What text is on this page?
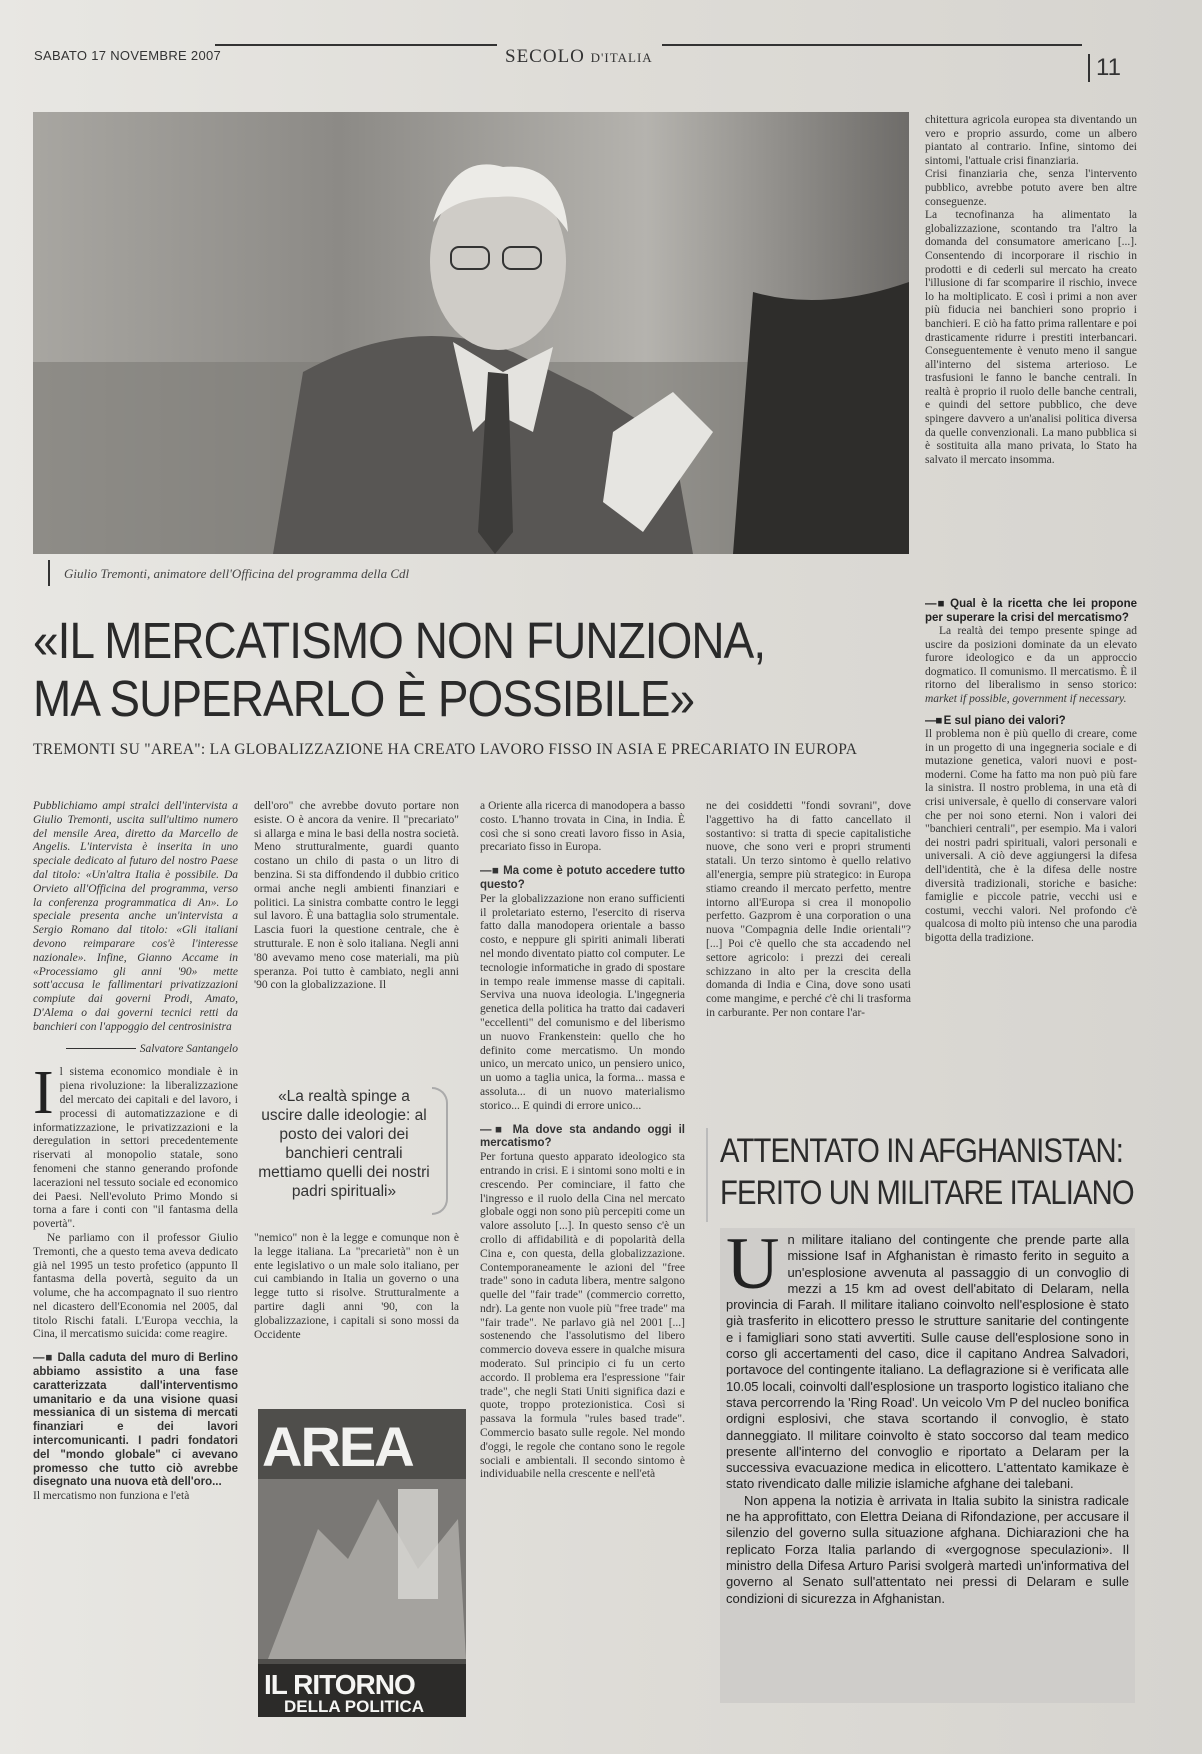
SABATO 17 NOVEMBRE 2007	SECOLO D'ITALIA	11
Giulio Tremonti, animatore dell'Officina del programma della Cdl

chitettura agricola europea sta diventando un vero e proprio assurdo, come un albero piantato al contrario. Infine, sintomo dei sintomi, l'attuale crisi finanziaria.

Crisi finanziaria che, senza l'intervento pubblico, avrebbe potuto avere ben altre conseguenze.

La tecnofinanza ha alimentato la globalizzazione, scontando tra l'altro la domanda del consumatore americano [...]. Consentendo di incorporare il rischio in prodotti e di cederli sul mercato ha creato l'illusione di far scomparire il rischio, invece lo ha moltiplicato. E così i primi a non aver più fiducia nei banchieri sono proprio i banchieri. E ciò ha fatto prima rallentare e poi drasticamente ridurre i prestiti interbancari. Conseguentemente è venuto meno il sangue all'interno del sistema arterioso. Le trasfusioni le fanno le banche centrali. In realtà è proprio il ruolo delle banche centrali, e quindi del settore pubblico, che deve spingere davvero a un'analisi politica diversa da quelle convenzionali. La mano pubblica si è sostituita alla mano privata, lo Stato ha salvato il mercato insomma.

—■ Qual è la ricetta che lei propone per superare la crisi del mercatismo?

La realtà dei tempo presente spinge ad uscire da posizioni dominate da un elevato furore ideologico e da un approccio dogmatico. Il comunismo. Il mercatismo. È il ritorno del liberalismo in senso storico: market if possible, government if necessary.

—■ E sul piano dei valori?

Il problema non è più quello di creare, come in un progetto di una ingegneria sociale e di mutazione genetica, valori nuovi e post-moderni. Come ha fatto ma non può più fare la sinistra. Il nostro problema, in una età di crisi universale, è quello di conservare valori che per noi sono eterni. Non i valori dei "banchieri centrali", per esempio. Ma i valori dei nostri padri spirituali, valori personali e universali. A ciò deve aggiungersi la difesa dell'identità, che è la difesa delle nostre diversità tradizionali, storiche e basiche: famiglie e piccole patrie, vecchi usi e costumi, vecchi valori. Nel profondo c'è qualcosa di molto più intenso che una parodia bigotta della tradizione.

«IL MERCATISMO NON FUNZIONA,
MA SUPERARLO È POSSIBILE»
TREMONTI SU "AREA": LA GLOBALIZZAZIONE HA CREATO LAVORO FISSO IN ASIA E PRECARIATO IN EUROPA

Pubblichiamo ampi stralci dell'intervista a Giulio Tremonti, uscita sull'ultimo numero del mensile Area, diretto da Marcello de Angelis. L'intervista è inserita in uno speciale dedicato al futuro del nostro Paese dal titolo: «Un'altra Italia è possibile. Da Orvieto all'Officina del programma, verso la conferenza programmatica di An». Lo speciale presenta anche un'intervista a Sergio Romano dal titolo: «Gli italiani devono reimparare cos'è l'interesse nazionale». Infine, Gianno Accame in «Processiamo gli anni '90» mette sott'accusa le fallimentari privatizzazioni compiute dai governi Prodi, Amato, D'Alema o dai governi tecnici retti da banchieri con l'appoggio del centrosinistra

Salvatore Santangelo

Il sistema economico mondiale è in piena rivoluzione: la liberalizzazione del mercato dei capitali e del lavoro, i processi di automatizzazione e di informatizzazione, le privatizzazioni e la deregulation in settori precedentemente riservati al monopolio statale, sono fenomeni che stanno generando profonde lacerazioni nel tessuto sociale ed economico dei Paesi. Nell'evoluto Primo Mondo si torna a fare i conti con "il fantasma della povertà".

Ne parliamo con il professor Giulio Tremonti, che a questo tema aveva dedicato già nel 1995 un testo profetico (appunto Il fantasma della povertà, seguito da un volume, che ha accompagnato il suo rientro nel dicastero dell'Economia nel 2005, dal titolo Rischi fatali. L'Europa vecchia, la Cina, il mercatismo suicida: come reagire.

—■ Dalla caduta del muro di Berlino abbiamo assistito a una fase caratterizzata dall'interventismo umanitario e da una visione quasi messianica di un sistema di mercati finanziari e dei lavori intercomunicanti. I padri fondatori del "mondo globale" ci avevano promesso che tutto ciò avrebbe disegnato una nuova età dell'oro...

Il mercatismo non funziona e l'età

dell'oro" che avrebbe dovuto portare non esiste. O è ancora da venire. Il "precariato" si allarga e mina le basi della nostra società. Meno strutturalmente, guardi quanto costano un chilo di pasta o un litro di benzina. Si sta diffondendo il dubbio critico ormai anche negli ambienti finanziari e politici. La sinistra combatte contro le leggi sul lavoro. È una battaglia solo strumentale. Lascia fuori la questione centrale, che è strutturale. E non è solo italiana. Negli anni '80 avevamo meno cose materiali, ma più speranza. Poi tutto è cambiato, negli anni '90 con la globalizzazione. Il

«La realtà spinge a uscire dalle ideologie: al posto dei valori dei banchieri centrali mettiamo quelli dei nostri padri spirituali»

"nemico" non è la legge e comunque non è la legge italiana. La "precarietà" non è un ente legislativo o un male solo italiano, per cui cambiando in Italia un governo o una legge tutto si risolve. Strutturalmente a partire dagli anni '90, con la globalizzazione, i capitali si sono mossi da Occidente

AREA
IL RITORNO
DELLA POLITICA

a Oriente alla ricerca di manodopera a basso costo. L'hanno trovata in Cina, in India. È così che si sono creati lavoro fisso in Asia, precariato fisso in Europa.

—■ Ma come è potuto accedere tutto questo?

Per la globalizzazione non erano sufficienti il proletariato esterno, l'esercito di riserva fatto dalla manodopera orientale a basso costo, e neppure gli spiriti animali liberati nel mondo diventato piatto col computer. Le tecnologie informatiche in grado di spostare in tempo reale immense masse di capitali. Serviva una nuova ideologia. L'ingegneria genetica della politica ha tratto dai cadaveri "eccellenti" del comunismo e del liberismo un nuovo Frankenstein: quello che ho definito come mercatismo. Un mondo unico, un mercato unico, un pensiero unico, un uomo a taglia unica, la forma... massa e assoluta... di un nuovo materialismo storico... E quindi di errore unico...

—■ Ma dove sta andando oggi il mercatismo?

Per fortuna questo apparato ideologico sta entrando in crisi. E i sintomi sono molti e in crescendo. Per cominciare, il fatto che l'ingresso e il ruolo della Cina nel mercato globale oggi non sono più percepiti come un valore assoluto [...]. In questo senso c'è un crollo di affidabilità e di popolarità della Cina e, con questa, della globalizzazione. Contemporaneamente le azioni del "free trade" sono in caduta libera, mentre salgono quelle del "fair trade" (commercio corretto, ndr). La gente non vuole più "free trade" ma "fair trade". Ne parlavo già nel 2001 [...] sostenendo che l'assolutismo del libero commercio doveva essere in qualche misura moderato. Sul principio ci fu un certo accordo. Il problema era l'espressione "fair trade", che negli Stati Uniti significa dazi e quote, troppo protezionistica. Così si passava la formula "rules based trade". Commercio basato sulle regole. Nel mondo d'oggi, le regole che contano sono le regole sociali e ambientali. Il secondo sintomo è individuabile nella crescente e nell'età

ne dei cosiddetti "fondi sovrani", dove l'aggettivo ha di fatto cancellato il sostantivo: si tratta di specie capitalistiche nuove, che sono veri e propri strumenti statali. Un terzo sintomo è quello relativo all'energia, sempre più strategico: in Europa stiamo creando il mercato perfetto, mentre intorno all'Europa si crea il monopolio perfetto. Gazprom è una corporation o una nuova "Compagnia delle Indie orientali"? [...] Poi c'è quello che sta accadendo nel settore agricolo: i prezzi dei cereali schizzano in alto per la crescita della domanda di India e Cina, dove sono usati come mangime, e perché c'è chi li trasforma in carburante. Per non contare l'ar-

ATTENTATO IN AFGHANISTAN:
FERITO UN MILITARE ITALIANO

Un militare italiano del contingente che prende parte alla missione Isaf in Afghanistan è rimasto ferito in seguito a un'esplosione avvenuta al passaggio di un convoglio di mezzi a 15 km ad ovest dell'abitato di Delaram, nella provincia di Farah. Il militare italiano coinvolto nell'esplosione è stato già trasferito in elicottero presso le strutture sanitarie del contingente e i famigliari sono stati avvertiti. Sulle cause dell'esplosione sono in corso gli accertamenti del caso, dice il capitano Andrea Salvadori, portavoce del contingente italiano. La deflagrazione si è verificata alle 10.05 locali, coinvolti dall'esplosione un trasporto logistico italiano che stava percorrendo la 'Ring Road'. Un veicolo Vm P del nucleo bonifica ordigni esplosivi, che stava scortando il convoglio, è stato danneggiato. Il militare coinvolto è stato soccorso dal team medico presente all'interno del convoglio e riportato a Delaram per la successiva evacuazione medica in elicottero. L'attentato kamikaze è stato rivendicato dalle milizie islamiche afghane dei talebani.

Non appena la notizia è arrivata in Italia subito la sinistra radicale ne ha approfittato, con Elettra Deiana di Rifondazione, per accusare il silenzio del governo sulla situazione afghana. Dichiarazioni che ha replicato Forza Italia parlando di «vergognose speculazioni». Il ministro della Difesa Arturo Parisi svolgerà martedì un'informativa del governo al Senato sull'attentato nei pressi di Delaram e sulle condizioni di sicurezza in Afghanistan.
